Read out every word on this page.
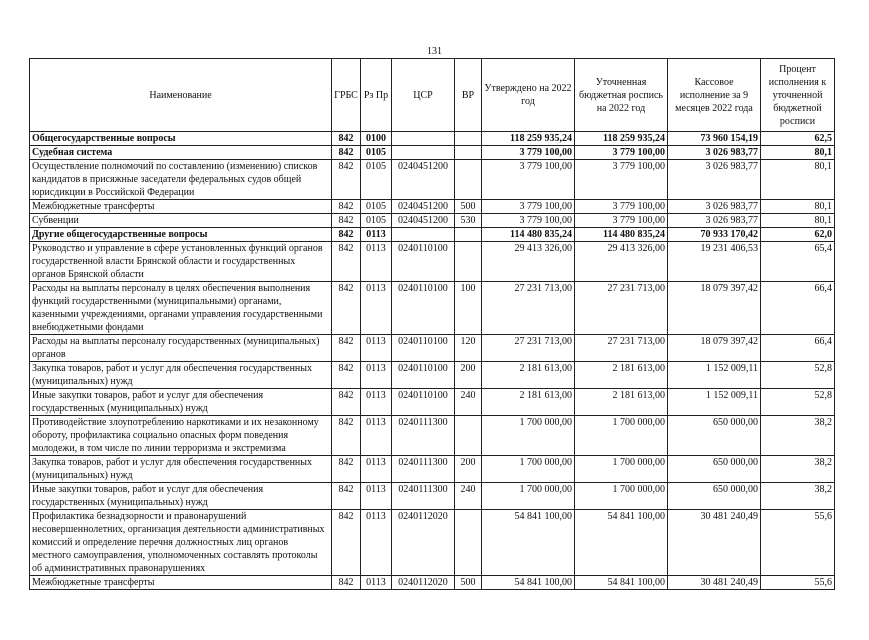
131
Наименование	ГРБС	Рз Пр	ЦСР	ВР	Утверждено на 2022 год	Уточненная бюджетная роспись на 2022 год	Кассовое исполнение за 9 месяцев 2022 года	Процент исполнения к уточненной бюджетной росписи
Общегосударственные вопросы	842	0100			118 259 935,24	118 259 935,24	73 960 154,19	62,5
Судебная система	842	0105			3 779 100,00	3 779 100,00	3 026 983,77	80,1
Осуществление полномочий по составлению (изменению) списков кандидатов в присяжные заседатели федеральных судов общей юрисдикции в Российской Федерации	842	0105	0240451200		3 779 100,00	3 779 100,00	3 026 983,77	80,1
Межбюджетные трансферты	842	0105	0240451200	500	3 779 100,00	3 779 100,00	3 026 983,77	80,1
Субвенции	842	0105	0240451200	530	3 779 100,00	3 779 100,00	3 026 983,77	80,1
Другие общегосударственные вопросы	842	0113			114 480 835,24	114 480 835,24	70 933 170,42	62,0
Руководство и управление в сфере установленных функций органов государственной власти Брянской области и государственных органов Брянской области	842	0113	0240110100		29 413 326,00	29 413 326,00	19 231 406,53	65,4
Расходы на выплаты персоналу в целях обеспечения выполнения функций государственными (муниципальными) органами, казенными учреждениями, органами управления государственными внебюджетными фондами	842	0113	0240110100	100	27 231 713,00	27 231 713,00	18 079 397,42	66,4
Расходы на выплаты персоналу государственных (муниципальных) органов	842	0113	0240110100	120	27 231 713,00	27 231 713,00	18 079 397,42	66,4
Закупка товаров, работ и услуг для обеспечения государственных (муниципальных) нужд	842	0113	0240110100	200	2 181 613,00	2 181 613,00	1 152 009,11	52,8
Иные закупки товаров, работ и услуг для обеспечения государственных (муниципальных) нужд	842	0113	0240110100	240	2 181 613,00	2 181 613,00	1 152 009,11	52,8
Противодействие злоупотреблению наркотиками и их незаконному обороту, профилактика социально опасных форм поведения молодежи, в том числе по линии терроризма и экстремизма	842	0113	0240111300		1 700 000,00	1 700 000,00	650 000,00	38,2
Закупка товаров, работ и услуг для обеспечения государственных (муниципальных) нужд	842	0113	0240111300	200	1 700 000,00	1 700 000,00	650 000,00	38,2
Иные закупки товаров, работ и услуг для обеспечения государственных (муниципальных) нужд	842	0113	0240111300	240	1 700 000,00	1 700 000,00	650 000,00	38,2
Профилактика безнадзорности и правонарушений несовершеннолетних, организация деятельности административных комиссий и определение перечня должностных лиц органов местного самоуправления, уполномоченных составлять протоколы об административных правонарушениях	842	0113	0240112020		54 841 100,00	54 841 100,00	30 481 240,49	55,6
Межбюджетные трансферты	842	0113	0240112020	500	54 841 100,00	54 841 100,00	30 481 240,49	55,6
